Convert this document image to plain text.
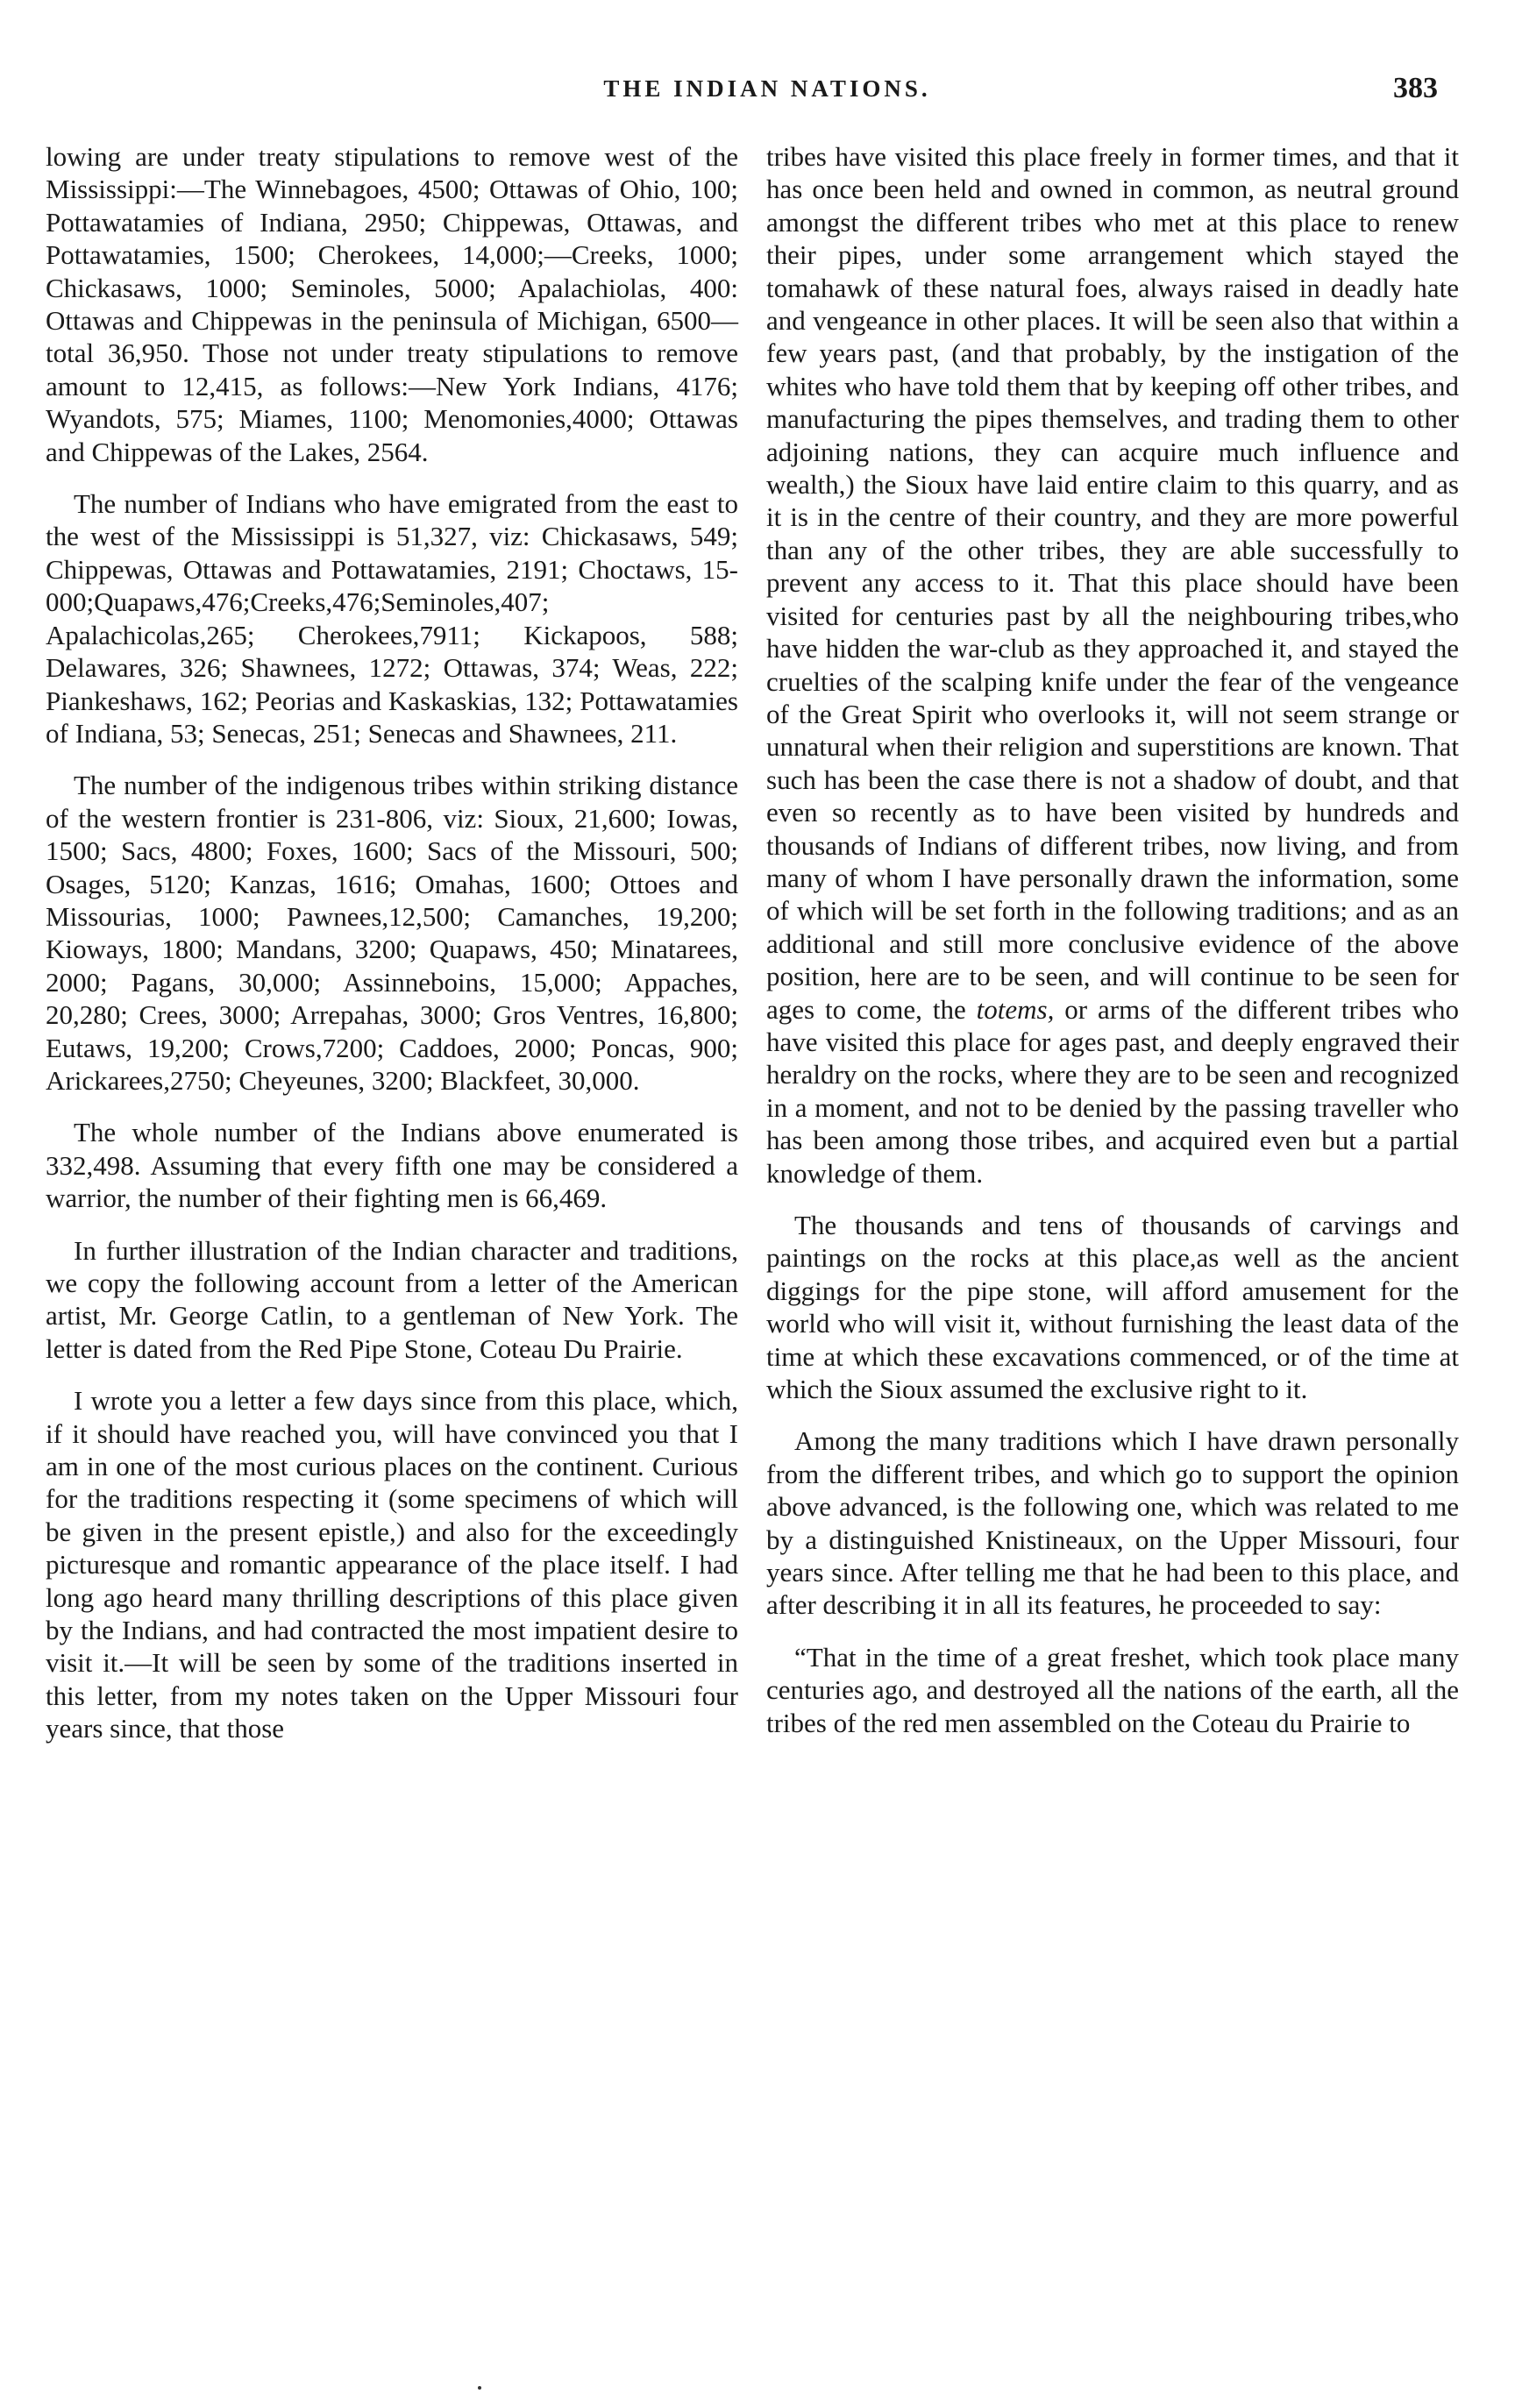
THE INDIAN NATIONS.	383

lowing are under treaty stipulations to remove west of the Mississippi:—The Winnebagoes, 4500; Ottawas of Ohio, 100; Pottawatamies of Indiana, 2950; Chippewas, Ottawas, and Pottawatamies, 1500; Cherokees, 14,000;—Creeks, 1000; Chickasaws, 1000; Seminoles, 5000; Apalachiolas, 400: Ottawas and Chippewas in the peninsula of Michigan, 6500—total 36,950. Those not under treaty stipulations to remove amount to 12,415, as follows:—New York Indians, 4176; Wyandots, 575; Miames, 1100; Menomonies,4000; Ottawas and Chippewas of the Lakes, 2564.

The number of Indians who have emigrated from the east to the west of the Mississippi is 51,327, viz: Chickasaws, 549; Chippewas, Ottawas and Pottawatamies, 2191; Choctaws, 15-000;Quapaws,476;Creeks,476;Seminoles,407; Apalachicolas,265; Cherokees,7911; Kickapoos, 588; Delawares, 326; Shawnees, 1272; Ottawas, 374; Weas, 222; Piankeshaws, 162; Peorias and Kaskaskias, 132; Pottawatamies of Indiana, 53; Senecas, 251; Senecas and Shawnees, 211.

The number of the indigenous tribes within striking distance of the western frontier is 231-806, viz: Sioux, 21,600; Iowas, 1500; Sacs, 4800; Foxes, 1600; Sacs of the Missouri, 500; Osages, 5120; Kanzas, 1616; Omahas, 1600; Ottoes and Missourias, 1000; Pawnees,12,500; Camanches, 19,200; Kioways, 1800; Mandans, 3200; Quapaws, 450; Minatarees, 2000; Pagans, 30,000; Assinneboins, 15,000; Appaches, 20,280; Crees, 3000; Arrepahas, 3000; Gros Ventres, 16,800; Eutaws, 19,200; Crows,7200; Caddoes, 2000; Poncas, 900; Arickarees,2750; Cheyeunes, 3200; Blackfeet, 30,000.

The whole number of the Indians above enumerated is 332,498. Assuming that every fifth one may be considered a warrior, the number of their fighting men is 66,469.

In further illustration of the Indian character and traditions, we copy the following account from a letter of the American artist, Mr. George Catlin, to a gentleman of New York. The letter is dated from the Red Pipe Stone, Coteau Du Prairie.

I wrote you a letter a few days since from this place, which, if it should have reached you, will have convinced you that I am in one of the most curious places on the continent. Curious for the traditions respecting it (some specimens of which will be given in the present epistle,) and also for the exceedingly picturesque and romantic appearance of the place itself. I had long ago heard many thrilling descriptions of this place given by the Indians, and had contracted the most impatient desire to visit it.—It will be seen by some of the traditions inserted in this letter, from my notes taken on the Upper Missouri four years since, that those

tribes have visited this place freely in former times, and that it has once been held and owned in common, as neutral ground amongst the different tribes who met at this place to renew their pipes, under some arrangement which stayed the tomahawk of these natural foes, always raised in deadly hate and vengeance in other places. It will be seen also that within a few years past, (and that probably, by the instigation of the whites who have told them that by keeping off other tribes, and manufacturing the pipes themselves, and trading them to other adjoining nations, they can acquire much influence and wealth,) the Sioux have laid entire claim to this quarry, and as it is in the centre of their country, and they are more powerful than any of the other tribes, they are able successfully to prevent any access to it. That this place should have been visited for centuries past by all the neighbouring tribes,who have hidden the war-club as they approached it, and stayed the cruelties of the scalping knife under the fear of the vengeance of the Great Spirit who overlooks it, will not seem strange or unnatural when their religion and superstitions are known. That such has been the case there is not a shadow of doubt, and that even so recently as to have been visited by hundreds and thousands of Indians of different tribes, now living, and from many of whom I have personally drawn the information, some of which will be set forth in the following traditions; and as an additional and still more conclusive evidence of the above position, here are to be seen, and will continue to be seen for ages to come, the totems, or arms of the different tribes who have visited this place for ages past, and deeply engraved their heraldry on the rocks, where they are to be seen and recognized in a moment, and not to be denied by the passing traveller who has been among those tribes, and acquired even but a partial knowledge of them.

The thousands and tens of thousands of carvings and paintings on the rocks at this place,as well as the ancient diggings for the pipe stone, will afford amusement for the world who will visit it, without furnishing the least data of the time at which these excavations commenced, or of the time at which the Sioux assumed the exclusive right to it.

Among the many traditions which I have drawn personally from the different tribes, and which go to support the opinion above advanced, is the following one, which was related to me by a distinguished Knistineaux, on the Upper Missouri, four years since. After telling me that he had been to this place, and after describing it in all its features, he proceeded to say:

“That in the time of a great freshet, which took place many centuries ago, and destroyed all the nations of the earth, all the tribes of the red men assembled on the Coteau du Prairie to
